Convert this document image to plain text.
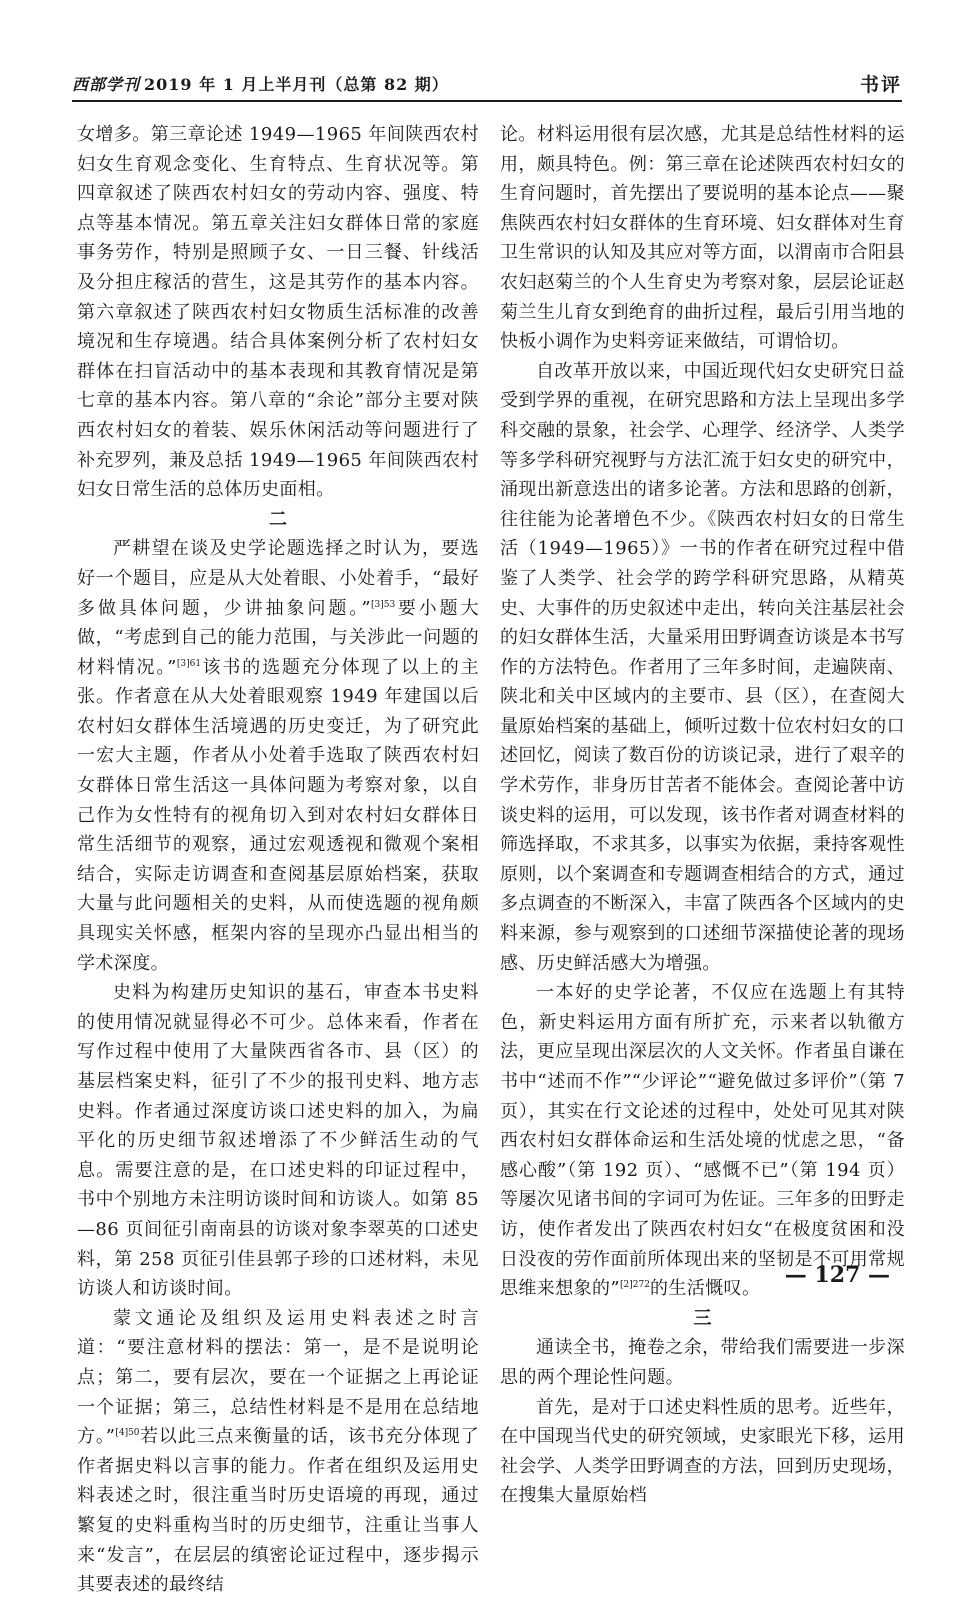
西部学刊 2019 年 1 月上半月刊（总第 82 期）	书评

女增多。第三章论述 1949—1965 年间陕西农村妇女生育观念变化、生育特点、生育状况等。第四章叙述了陕西农村妇女的劳动内容、强度、特点等基本情况。第五章关注妇女群体日常的家庭事务劳作，特别是照顾子女、一日三餐、针线活及分担庄稼活的营生，这是其劳作的基本内容。第六章叙述了陕西农村妇女物质生活标准的改善境况和生存境遇。结合具体案例分析了农村妇女群体在扫盲活动中的基本表现和其教育情况是第七章的基本内容。第八章的“余论”部分主要对陕西农村妇女的着装、娱乐休闲活动等问题进行了补充罗列，兼及总括 1949—1965 年间陕西农村妇女日常生活的总体历史面相。

二

严耕望在谈及史学论题选择之时认为，要选好一个题目，应是从大处着眼、小处着手，“最好多做具体问题，少讲抽象问题。”$^{[3]53}$要小题大做，“考虑到自己的能力范围，与关涉此一问题的材料情况。”$^{[3]61}$该书的选题充分体现了以上的主张。作者意在从大处着眼观察 1949 年建国以后农村妇女群体生活境遇的历史变迁，为了研究此一宏大主题，作者从小处着手选取了陕西农村妇女群体日常生活这一具体问题为考察对象，以自己作为女性特有的视角切入到对农村妇女群体日常生活细节的观察，通过宏观透视和微观个案相结合，实际走访调查和查阅基层原始档案，获取大量与此问题相关的史料，从而使选题的视角颇具现实关怀感，框架内容的呈现亦凸显出相当的学术深度。

史料为构建历史知识的基石，审查本书史料的使用情况就显得必不可少。总体来看，作者在写作过程中使用了大量陕西省各市、县（区）的基层档案史料，征引了不少的报刊史料、地方志史料。作者通过深度访谈口述史料的加入，为扁平化的历史细节叙述增添了不少鲜活生动的气息。需要注意的是，在口述史料的印证过程中，书中个别地方未注明访谈时间和访谈人。如第 85—86 页间征引南南县的访谈对象李翠英的口述史料，第 258 页征引佳县郭子珍的口述材料，未见访谈人和访谈时间。

蒙文通论及组织及运用史料表述之时言道：“要注意材料的摆法：第一，是不是说明论点；第二，要有层次，要在一个证据之上再论证一个证据；第三，总结性材料是不是用在总结地方。”$^{[4]50}$若以此三点来衡量的话，该书充分体现了作者据史料以言事的能力。作者在组织及运用史料表述之时，很注重当时历史语境的再现，通过繁复的史料重构当时的历史细节，注重让当事人来“发言”，在层层的缜密论证过程中，逐步揭示其要表述的最终结

论。材料运用很有层次感，尤其是总结性材料的运用，颇具特色。例：第三章在论述陕西农村妇女的生育问题时，首先摆出了要说明的基本论点——聚焦陕西农村妇女群体的生育环境、妇女群体对生育卫生常识的认知及其应对等方面，以渭南市合阳县农妇赵菊兰的个人生育史为考察对象，层层论证赵菊兰生儿育女到绝育的曲折过程，最后引用当地的快板小调作为史料旁证来做结，可谓恰切。

自改革开放以来，中国近现代妇女史研究日益受到学界的重视，在研究思路和方法上呈现出多学科交融的景象，社会学、心理学、经济学、人类学等多学科研究视野与方法汇流于妇女史的研究中，涌现出新意迭出的诸多论著。方法和思路的创新，往往能为论著增色不少。《陕西农村妇女的日常生活（1949—1965）》一书的作者在研究过程中借鉴了人类学、社会学的跨学科研究思路，从精英史、大事件的历史叙述中走出，转向关注基层社会的妇女群体生活，大量采用田野调查访谈是本书写作的方法特色。作者用了三年多时间，走遍陕南、陕北和关中区域内的主要市、县（区），在查阅大量原始档案的基础上，倾听过数十位农村妇女的口述回忆，阅读了数百份的访谈记录，进行了艰辛的学术劳作，非身历甘苦者不能体会。查阅论著中访谈史料的运用，可以发现，该书作者对调查材料的筛选择取，不求其多，以事实为依据，秉持客观性原则，以个案调查和专题调查相结合的方式，通过多点调查的不断深入，丰富了陕西各个区域内的史料来源，参与观察到的口述细节深描使论著的现场感、历史鲜活感大为增强。

一本好的史学论著，不仅应在选题上有其特色，新史料运用方面有所扩充，示来者以轨徹方法，更应呈现出深层次的人文关怀。作者虽自谦在书中“述而不作”“少评论”“避免做过多评价”（第 7 页），其实在行文论述的过程中，处处可见其对陕西农村妇女群体命运和生活处境的忧虑之思，“备感心酸”（第 192 页）、“感慨不已”（第 194 页）等屡次见诸书间的字词可为佐证。三年多的田野走访，使作者发出了陕西农村妇女“在极度贫困和没日没夜的劳作面前所体现出来的坚韧是不可用常规思维来想象的”$^{[2]272}$的生活慨叹。

三

通读全书，掩卷之余，带给我们需要进一步深思的两个理论性问题。

首先，是对于口述史料性质的思考。近些年，在中国现当代史的研究领域，史家眼光下移，运用社会学、人类学田野调查的方法，回到历史现场，在搜集大量原始档

— 127 —
